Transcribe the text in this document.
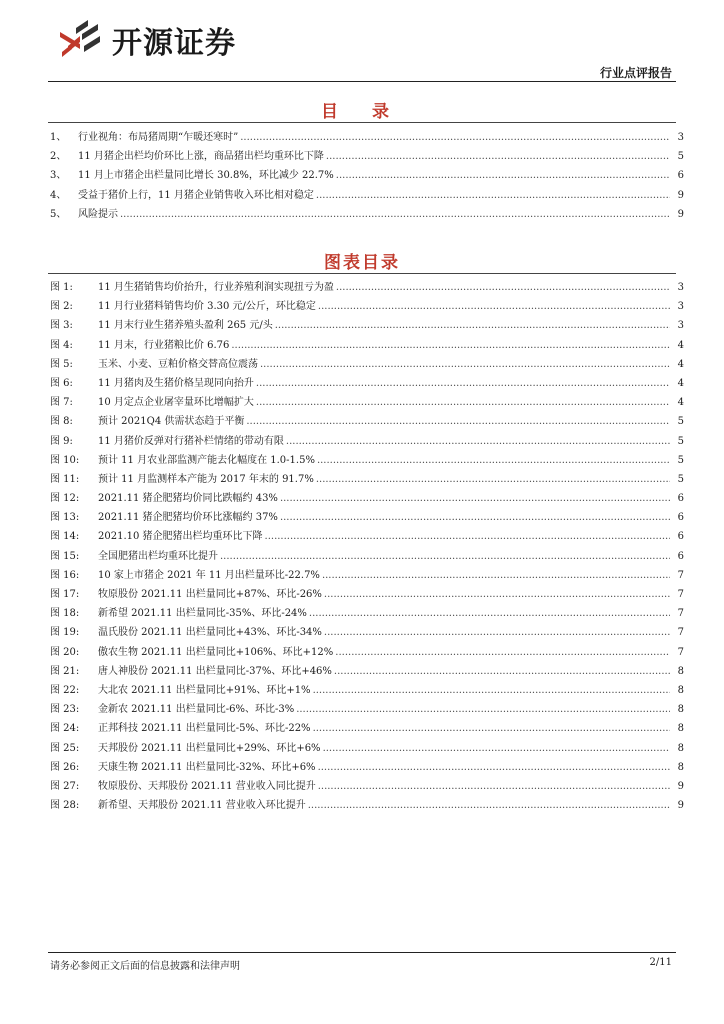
开源证券
行业点评报告
目 录
1、	行业视角：布局猪周期“乍暖还寒时” .....	3
2、	11 月猪企出栏均价环比上涨，商品猪出栏均重环比下降 .....	5
3、	11 月上市猪企出栏量同比增长 30.8%，环比减少 22.7% .....	6
4、	受益于猪价上行，11 月猪企业销售收入环比相对稳定 .....	9
5、	风险提示 .....	9
图表目录
图 1:	11 月生猪销售均价抬升，行业养殖利润实现扭亏为盈 .....	3
图 2:	11 月行业猪料销售均价 3.30 元/公斤，环比稳定 .....	3
图 3:	11 月末行业生猪养殖头盈利 265 元/头 .....	3
图 4:	11 月末，行业猪粮比价 6.76 .....	4
图 5:	玉米、小麦、豆粕价格交替高位震荡 .....	4
图 6:	11 月猪肉及生猪价格呈现同向抬升 .....	4
图 7:	10 月定点企业屠宰量环比增幅扩大 .....	4
图 8:	预计 2021Q4 供需状态趋于平衡 .....	5
图 9:	11 月猪价反弹对行猪补栏情绪的带动有限 .....	5
图 10:	预计 11 月农业部监测产能去化幅度在 1.0-1.5% .....	5
图 11:	预计 11 月监测样本产能为 2017 年末的 91.7% .....	5
图 12:	2021.11 猪企肥猪均价同比跌幅约 43% .....	6
图 13:	2021.11 猪企肥猪均价环比涨幅约 37% .....	6
图 14:	2021.10 猪企肥猪出栏均重环比下降 .....	6
图 15:	全国肥猪出栏均重环比提升 .....	6
图 16:	10 家上市猪企 2021 年 11 月出栏量环比-22.7% .....	7
图 17:	牧原股份 2021.11 出栏量同比+87%、环比-26% .....	7
图 18:	新希望 2021.11 出栏量同比-35%、环比-24% .....	7
图 19:	温氏股份 2021.11 出栏量同比+43%、环比-34% .....	7
图 20:	傲农生物 2021.11 出栏量同比+106%、环比+12% .....	7
图 21:	唐人神股份 2021.11 出栏量同比-37%、环比+46% .....	8
图 22:	大北农 2021.11 出栏量同比+91%、环比+1% .....	8
图 23:	金新农 2021.11 出栏量同比-6%、环比-3% .....	8
图 24:	正邦科技 2021.11 出栏量同比-5%、环比-22% .....	8
图 25:	天邦股份 2021.11 出栏量同比+29%、环比+6% .....	8
图 26:	天康生物 2021.11 出栏量同比-32%、环比+6% .....	8
图 27:	牧原股份、天邦股份 2021.11 营业收入同比提升 .....	9
图 28:	新希望、天邦股份 2021.11 营业收入环比提升 .....	9
请务必参阅正文后面的信息披露和法律声明	2/11
